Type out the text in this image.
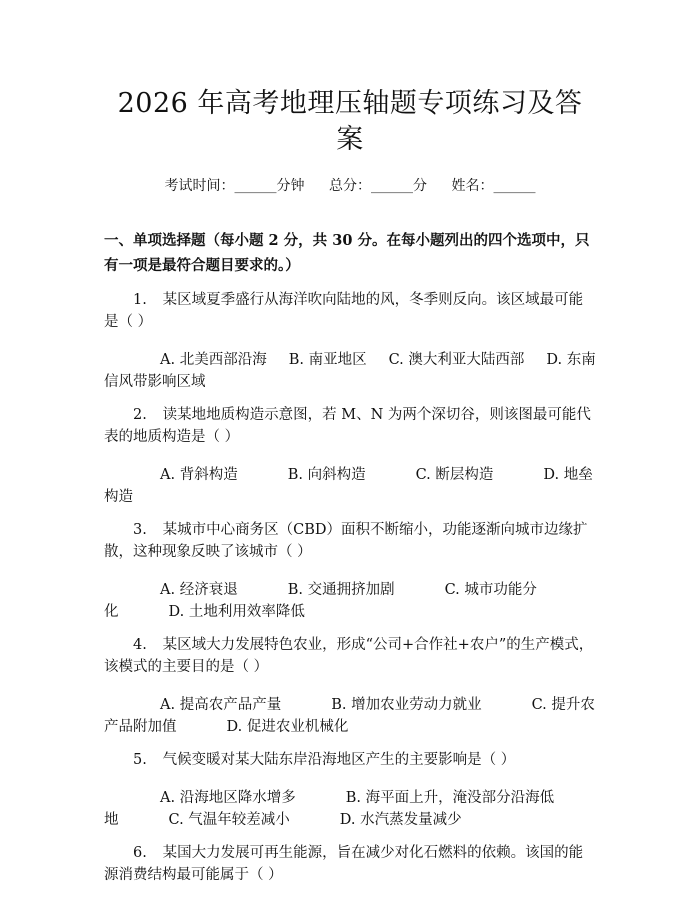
2026 年高考地理压轴题专项练习及答案
考试时间：______分钟 总分：______分 姓名：______
一、单项选择题（每小题 2 分，共 30 分。在每小题列出的四个选项中，只有一项是最符合题目要求的。）

1. 某区域夏季盛行从海洋吹向陆地的风，冬季则反向。该区域最可能是（ ）

A. 北美西部沿海 B. 南亚地区 C. 澳大利亚大陆西部 D. 东南信风带影响区域

2. 读某地地质构造示意图，若 M、N 为两个深切谷，则该图最可能代表的地质构造是（ ）

A. 背斜构造	B. 向斜构造	C. 断层构造	D. 地垒构造

3. 某城市中心商务区（CBD）面积不断缩小，功能逐渐向城市边缘扩散，这种现象反映了该城市（ ）

A. 经济衰退	B. 交通拥挤加剧	C. 城市功能分化	D. 土地利用效率降低

4. 某区域大力发展特色农业，形成“公司+合作社+农户”的生产模式，该模式的主要目的是（ ）

A. 提高农产品产量	B. 增加农业劳动力就业	C. 提升农产品附加值	D. 促进农业机械化

5. 气候变暖对某大陆东岸沿海地区产生的主要影响是（ ）

A. 沿海地区降水增多	B. 海平面上升，淹没部分沿海低地	C. 气温年较差减小	D. 水汽蒸发量减少

6. 某国大力发展可再生能源，旨在减少对化石燃料的依赖。该国的能源消费结构最可能属于（ ）
